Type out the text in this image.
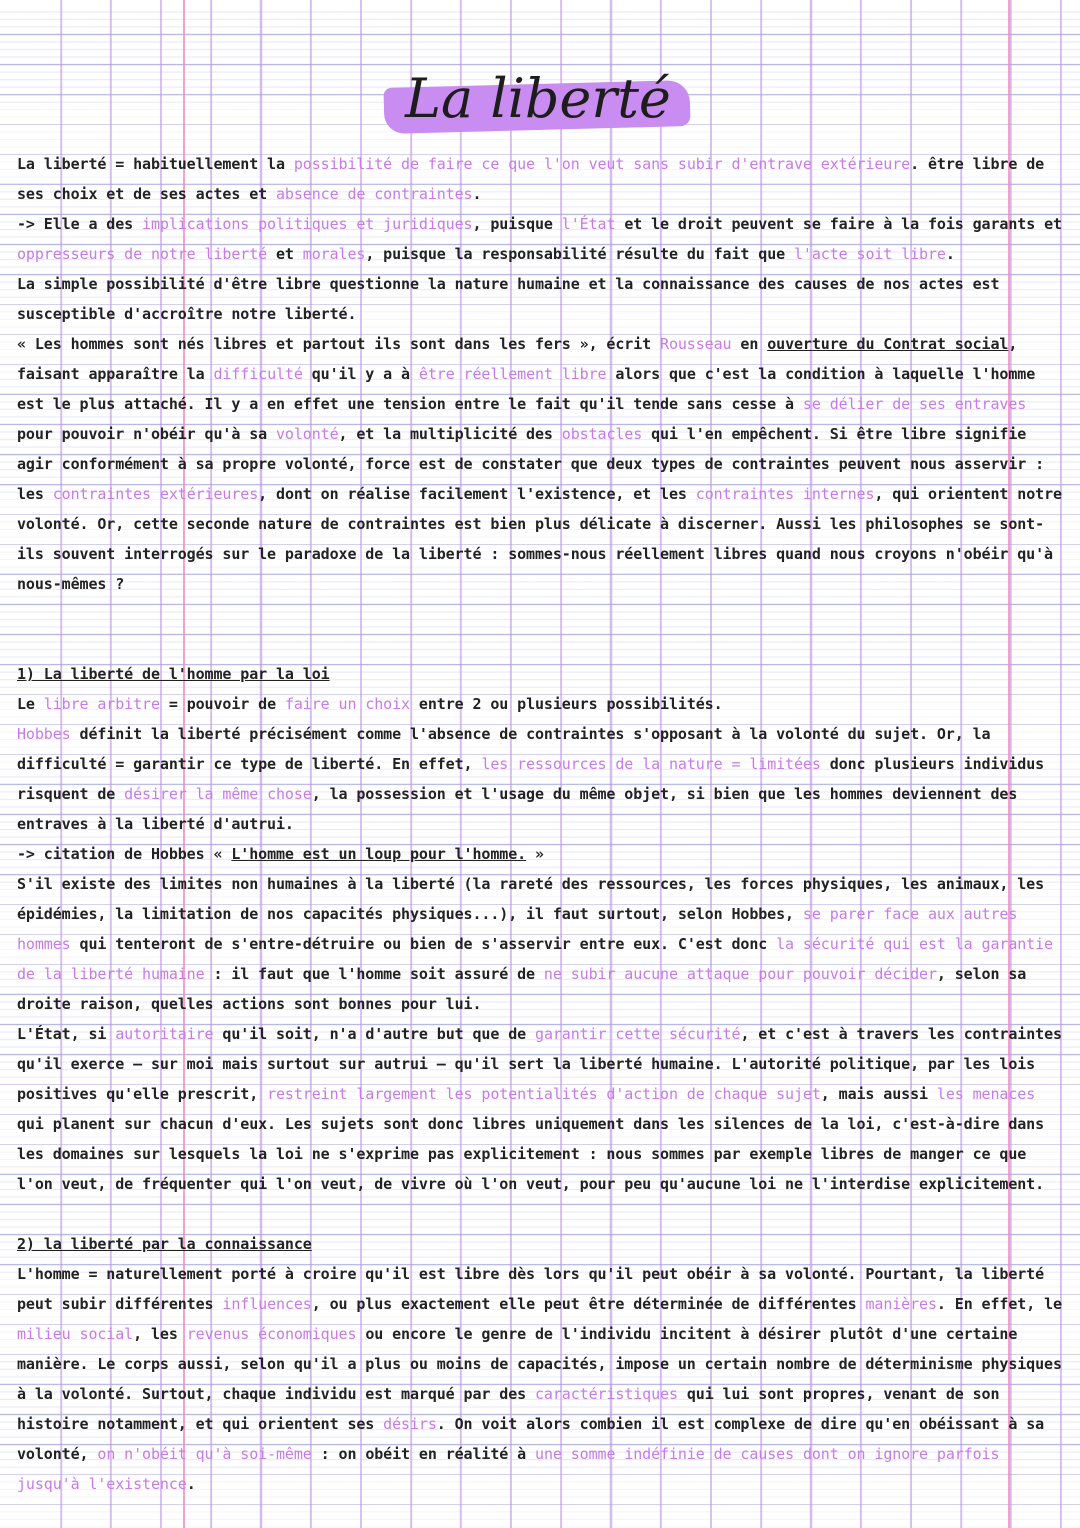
La liberté

La liberté = habituellement la possibilité de faire ce que l'on veut sans subir d'entrave extérieure. être libre de ses choix et de ses actes et absence de contraintes.

-> Elle a des implications politiques et juridiques, puisque l'État et le droit peuvent se faire à la fois garants et oppresseurs de notre liberté et morales, puisque la responsabilité résulte du fait que l'acte soit libre.

La simple possibilité d'être libre questionne la nature humaine et la connaissance des causes de nos actes est susceptible d'accroître notre liberté.

« Les hommes sont nés libres et partout ils sont dans les fers », écrit Rousseau en ouverture du Contrat social, faisant apparaître la difficulté qu'il y a à être réellement libre alors que c'est la condition à laquelle l'homme est le plus attaché. Il y a en effet une tension entre le fait qu'il tende sans cesse à se délier de ses entraves pour pouvoir n'obéir qu'à sa volonté, et la multiplicité des obstacles qui l'en empêchent. Si être libre signifie agir conformément à sa propre volonté, force est de constater que deux types de contraintes peuvent nous asservir : les contraintes extérieures, dont on réalise facilement l'existence, et les contraintes internes, qui orientent notre volonté. Or, cette seconde nature de contraintes est bien plus délicate à discerner. Aussi les philosophes se sont-ils souvent interrogés sur le paradoxe de la liberté : sommes-nous réellement libres quand nous croyons n'obéir qu'à nous-mêmes ?

1) La liberté de l'homme par la loi

Le libre arbitre = pouvoir de faire un choix entre 2 ou plusieurs possibilités.

Hobbes définit la liberté précisément comme l'absence de contraintes s'opposant à la volonté du sujet. Or, la difficulté = garantir ce type de liberté. En effet, les ressources de la nature = limitées donc plusieurs individus risquent de désirer la même chose, la possession et l'usage du même objet, si bien que les hommes deviennent des entraves à la liberté d'autrui.

-> citation de Hobbes « L'homme est un loup pour l'homme. »

S'il existe des limites non humaines à la liberté (la rareté des ressources, les forces physiques, les animaux, les épidémies, la limitation de nos capacités physiques...), il faut surtout, selon Hobbes, se parer face aux autres hommes qui tenteront de s'entre-détruire ou bien de s'asservir entre eux. C'est donc la sécurité qui est la garantie de la liberté humaine : il faut que l'homme soit assuré de ne subir aucune attaque pour pouvoir décider, selon sa droite raison, quelles actions sont bonnes pour lui.

L'État, si autoritaire qu'il soit, n'a d'autre but que de garantir cette sécurité, et c'est à travers les contraintes qu'il exerce – sur moi mais surtout sur autrui – qu'il sert la liberté humaine. L'autorité politique, par les lois positives qu'elle prescrit, restreint largement les potentialités d'action de chaque sujet, mais aussi les menaces qui planent sur chacun d'eux. Les sujets sont donc libres uniquement dans les silences de la loi, c'est-à-dire dans les domaines sur lesquels la loi ne s'exprime pas explicitement : nous sommes par exemple libres de manger ce que l'on veut, de fréquenter qui l'on veut, de vivre où l'on veut, pour peu qu'aucune loi ne l'interdise explicitement.

2) la liberté par la connaissance

L'homme = naturellement porté à croire qu'il est libre dès lors qu'il peut obéir à sa volonté. Pourtant, la liberté peut subir différentes influences, ou plus exactement elle peut être déterminée de différentes manières. En effet, le milieu social, les revenus économiques ou encore le genre de l'individu incitent à désirer plutôt d'une certaine manière. Le corps aussi, selon qu'il a plus ou moins de capacités, impose un certain nombre de déterminisme physiques à la volonté. Surtout, chaque individu est marqué par des caractéristiques qui lui sont propres, venant de son histoire notamment, et qui orientent ses désirs. On voit alors combien il est complexe de dire qu'en obéissant à sa volonté, on n'obéit qu'à soi-même : on obéit en réalité à une somme indéfinie de causes dont on ignore parfois jusqu'à l'existence.
